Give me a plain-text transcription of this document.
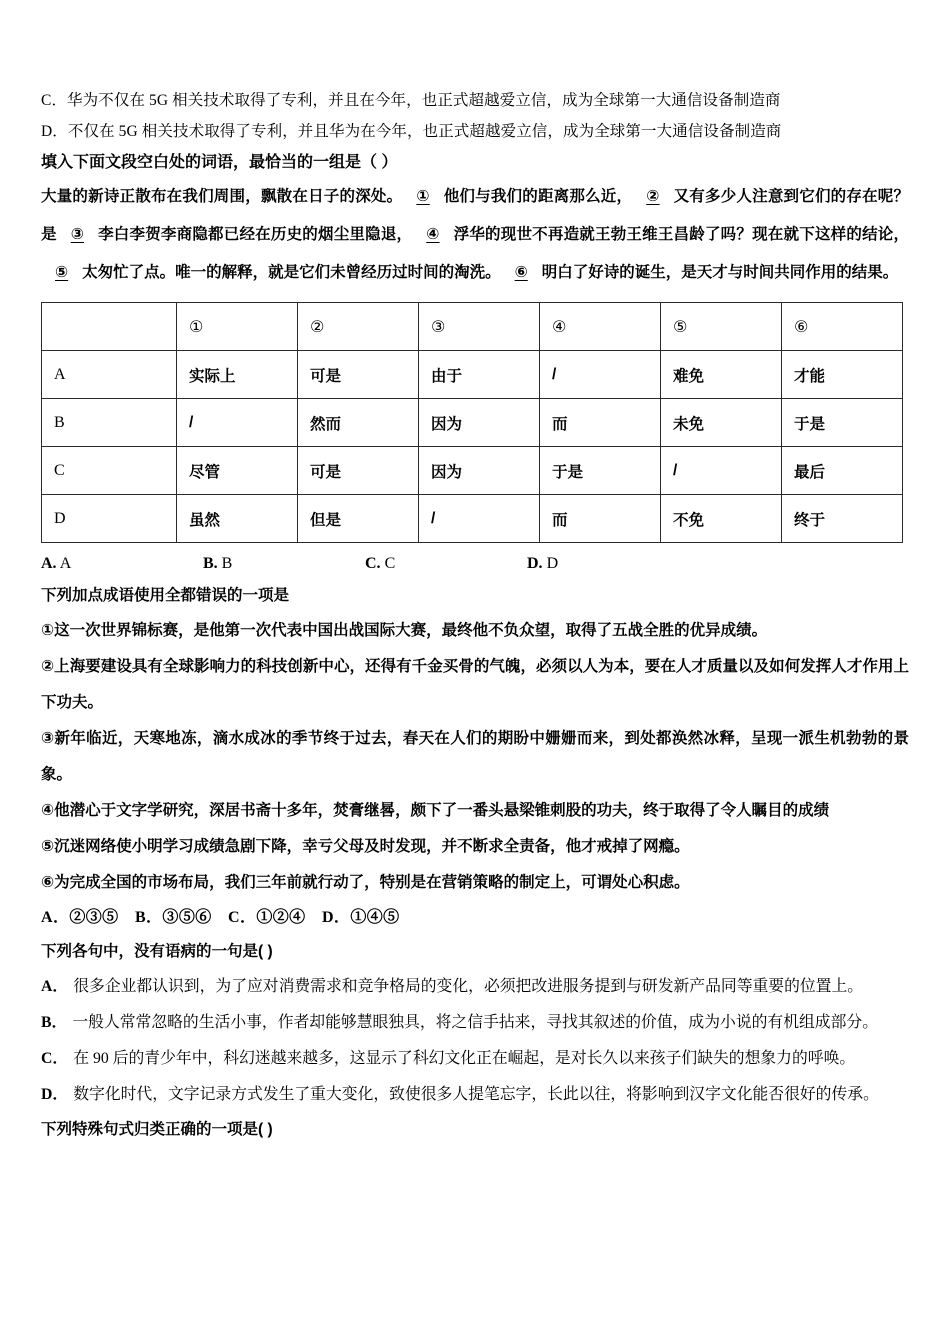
C．华为不仅在 5G 相关技术取得了专利，并且在今年，也正式超越爱立信，成为全球第一大通信设备制造商
D．不仅在 5G 相关技术取得了专利，并且华为在今年，也正式超越爱立信，成为全球第一大通信设备制造商
填入下面文段空白处的词语，最恰当的一组是（ ）
大量的新诗正散布在我们周围，飘散在日子的深处。 ① 他们与我们的距离那么近， ② 又有多少人注意到它们的存在呢？是 ③ 李白李贺李商隐都已经在历史的烟尘里隐退， ④ 浮华的现世不再造就王勃王维王昌龄了吗？现在就下这样的结论，⑤ 太匆忙了点。唯一的解释，就是它们未曾经历过时间的淘洗。 ⑥ 明白了好诗的诞生，是天才与时间共同作用的结果。
	①	②	③	④	⑤	⑥
A	实际上	可是	由于	/	难免	才能
B	/	然而	因为	而	未免	于是
C	尽管	可是	因为	于是	/	最后
D	虽然	但是	/	而	不免	终于
A. A	B. B	C. C	D. D
下列加点成语使用全都错误的一项是
①这一次世界锦标赛，是他第一次代表中国出战国际大赛，最终他不负众望，取得了五战全胜的优异成绩。
②上海要建设具有全球影响力的科技创新中心，还得有千金买骨的气魄，必须以人为本，要在人才质量以及如何发挥人才作用上下功夫。
③新年临近，天寒地冻，滴水成冰的季节终于过去，春天在人们的期盼中姗姗而来，到处都涣然冰释，呈现一派生机勃勃的景象。
④他潜心于文字学研究，深居书斋十多年，焚膏继晷，颇下了一番头悬梁锥刺股的功夫，终于取得了令人瞩目的成绩
⑤沉迷网络使小明学习成绩急剧下降，幸亏父母及时发现，并不断求全责备，他才戒掉了网瘾。
⑥为完成全国的市场布局，我们三年前就行动了，特别是在营销策略的制定上，可谓处心积虑。
A．②③⑤　B．③⑤⑥　C．①②④　D．①④⑤
下列各句中，没有语病的一句是( )
A． 很多企业都认识到，为了应对消费需求和竞争格局的变化，必须把改进服务提到与研发新产品同等重要的位置上。
B． 一般人常常忽略的生活小事，作者却能够慧眼独具，将之信手拈来，寻找其叙述的价值，成为小说的有机组成部分。
C． 在 90 后的青少年中，科幻迷越来越多，这显示了科幻文化正在崛起，是对长久以来孩子们缺失的想象力的呼唤。
D． 数字化时代，文字记录方式发生了重大变化，致使很多人提笔忘字，长此以往，将影响到汉字文化能否很好的传承。
下列特殊句式归类正确的一项是( )
